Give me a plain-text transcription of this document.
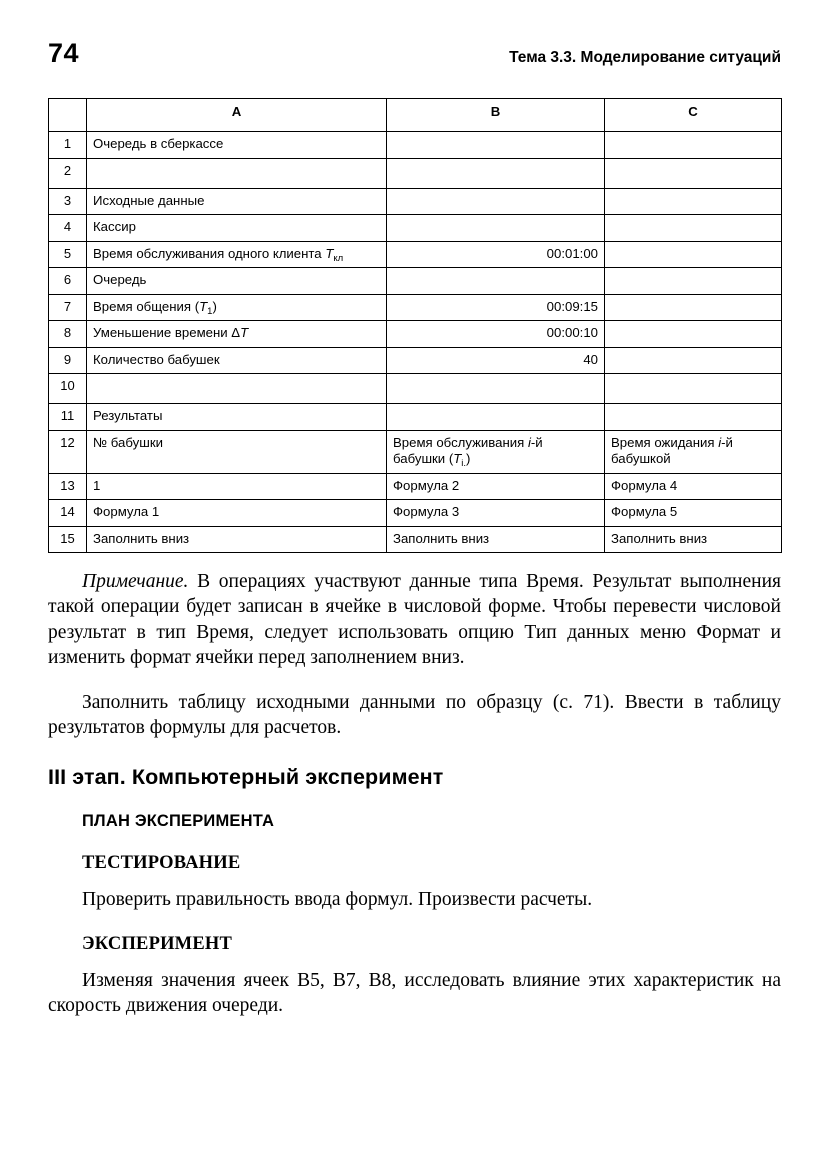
74	Тема 3.3. Моделирование ситуаций
	A	B	C
1	Очередь в сберкассе		
2			
3	Исходные данные		
4	Кассир		
5	Время обслуживания одного клиента $T_{кл}$	00:01:00	
6	Очередь		
7	Время общения $(T_1)$	00:09:15	
8	Уменьшение времени ΔT	00:00:10	
9	Количество бабушек	40	
10			
11	Результаты		
12	№ бабушки	Время обслуживания i-й бабушки $(T_{i.})$	Время ожидания i-й бабушкой
13	1	Формула 2	Формула 4
14	Формула 1	Формула 3	Формула 5
15	Заполнить вниз	Заполнить вниз	Заполнить вниз

Примечание. В операциях участвуют данные типа Время. Результат выполнения такой операции будет записан в ячейке в числовой форме. Чтобы перевести числовой результат в тип Время, следует использовать опцию Тип данных меню Формат и изменить формат ячейки перед заполнением вниз.

Заполнить таблицу исходными данными по образцу (с. 71). Ввести в таблицу результатов формулы для расчетов.

III этап. Компьютерный эксперимент
ПЛАН ЭКСПЕРИМЕНТА
ТЕСТИРОВАНИЕ

Проверить правильность ввода формул. Произвести расчеты.

ЭКСПЕРИМЕНТ

Изменяя значения ячеек B5, B7, B8, исследовать влияние этих характеристик на скорость движения очереди.
